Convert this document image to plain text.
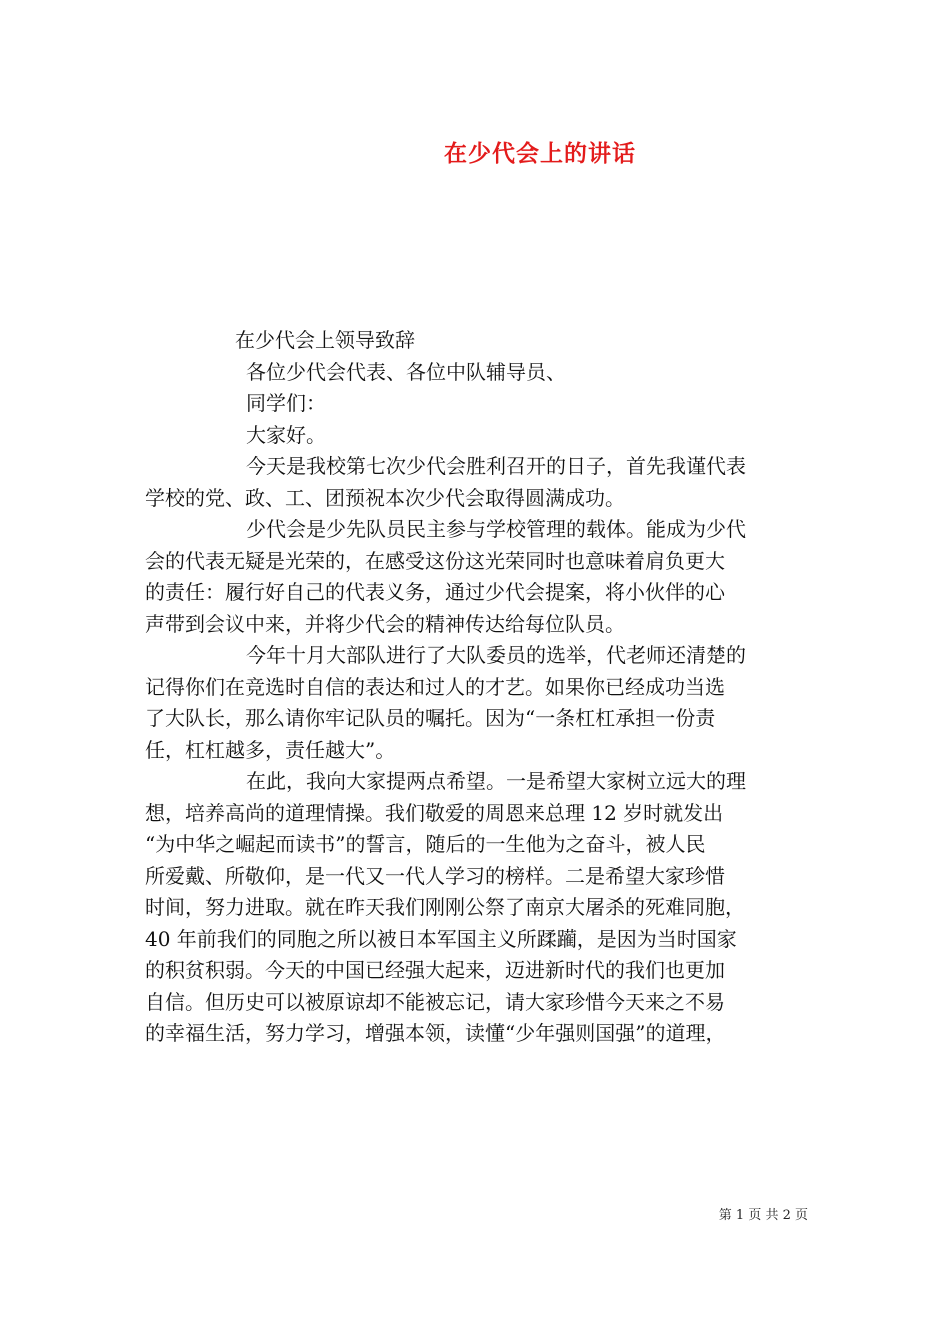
在少代会上的讲话

在少代会上领导致辞

各位少代会代表、各位中队辅导员、

同学们：

大家好。

今天是我校第七次少代会胜利召开的日子，首先我谨代表
学校的党、政、工、团预祝本次少代会取得圆满成功。

少代会是少先队员民主参与学校管理的载体。能成为少代
会的代表无疑是光荣的，在感受这份这光荣同时也意味着肩负更大
的责任：履行好自己的代表义务，通过少代会提案，将小伙伴的心
声带到会议中来，并将少代会的精神传达给每位队员。

今年十月大部队进行了大队委员的选举，代老师还清楚的
记得你们在竞选时自信的表达和过人的才艺。如果你已经成功当选
了大队长，那么请你牢记队员的嘱托。因为“一条杠杠承担一份责
任，杠杠越多，责任越大”。

在此，我向大家提两点希望。一是希望大家树立远大的理
想，培养高尚的道理情操。我们敬爱的周恩来总理 12 岁时就发出
“为中华之崛起而读书”的誓言，随后的一生他为之奋斗，被人民
所爱戴、所敬仰，是一代又一代人学习的榜样。二是希望大家珍惜
时间，努力进取。就在昨天我们刚刚公祭了南京大屠杀的死难同胞，
40 年前我们的同胞之所以被日本军国主义所蹂躏，是因为当时国家
的积贫积弱。今天的中国已经强大起来，迈进新时代的我们也更加
自信。但历史可以被原谅却不能被忘记，请大家珍惜今天来之不易
的幸福生活，努力学习，增强本领，读懂“少年强则国强”的道理，

第 1 页 共 2 页
